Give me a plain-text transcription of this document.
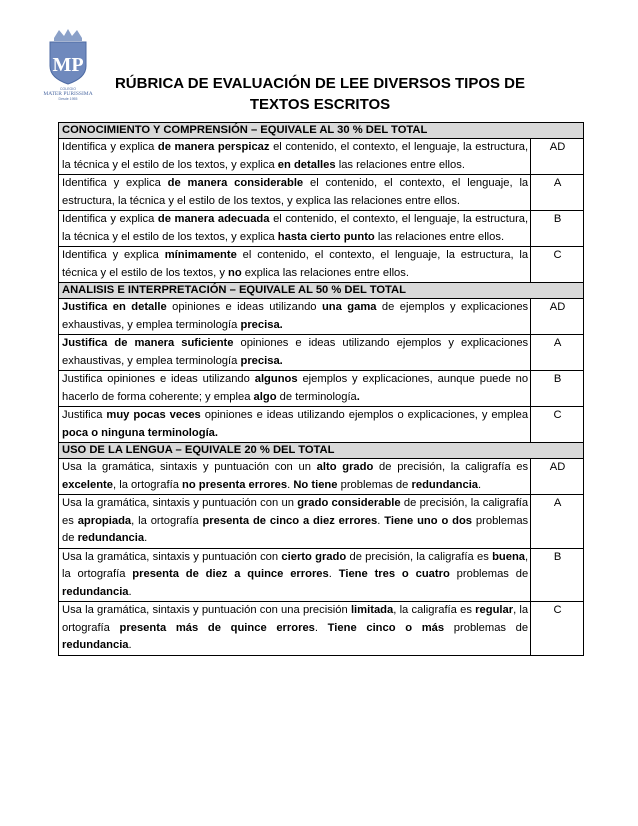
MP
COLEGIO
MATER PURISSIMA
Desde 1955
RÚBRICA DE EVALUACIÓN DE LEE DIVERSOS TIPOS DE
TEXTOS ESCRITOS
CONOCIMIENTO Y COMPRENSIÓN – EQUIVALE AL 30 % DEL TOTAL	
Identifica y explica de manera perspicaz el contenido, el contexto, el lenguaje, la estructura, la técnica y el estilo de los textos, y explica en detalles las relaciones entre ellos.	AD
Identifica y explica de manera considerable el contenido, el contexto, el lenguaje, la estructura, la técnica y el estilo de los textos, y explica las relaciones entre ellos.	A
Identifica y explica de manera adecuada el contenido, el contexto, el lenguaje, la estructura, la técnica y el estilo de los textos, y explica hasta cierto punto las relaciones entre ellos.	B
Identifica y explica mínimamente el contenido, el contexto, el lenguaje, la estructura, la técnica y el estilo de los textos, y no explica las relaciones entre ellos.	C
ANALISIS E INTERPRETACIÓN – EQUIVALE AL 50 % DEL TOTAL	
Justifica en detalle opiniones e ideas utilizando una gama de ejemplos y explicaciones exhaustivas, y emplea terminología precisa.	AD
Justifica de manera suficiente opiniones e ideas utilizando ejemplos y explicaciones exhaustivas, y emplea terminología precisa.	A
Justifica opiniones e ideas utilizando algunos ejemplos y explicaciones, aunque puede no hacerlo de forma coherente; y emplea algo de terminología.	B
Justifica muy pocas veces opiniones e ideas utilizando ejemplos o explicaciones, y emplea poca o ninguna terminología.	C
USO DE LA LENGUA – EQUIVALE 20 % DEL TOTAL	
Usa la gramática, sintaxis y puntuación con un alto grado de precisión, la caligrafía es excelente, la ortografía no presenta errores. No tiene problemas de redundancia.	AD
Usa la gramática, sintaxis y puntuación con un grado considerable de precisión, la caligrafía es apropiada, la ortografía presenta de cinco a diez errores. Tiene uno o dos problemas de redundancia.	A
Usa la gramática, sintaxis y puntuación con cierto grado de precisión, la caligrafía es buena, la ortografía presenta de diez a quince errores. Tiene tres o cuatro problemas de redundancia.	B
Usa la gramática, sintaxis y puntuación con una precisión limitada, la caligrafía es regular, la ortografía presenta más de quince errores. Tiene cinco o más problemas de redundancia.	C
